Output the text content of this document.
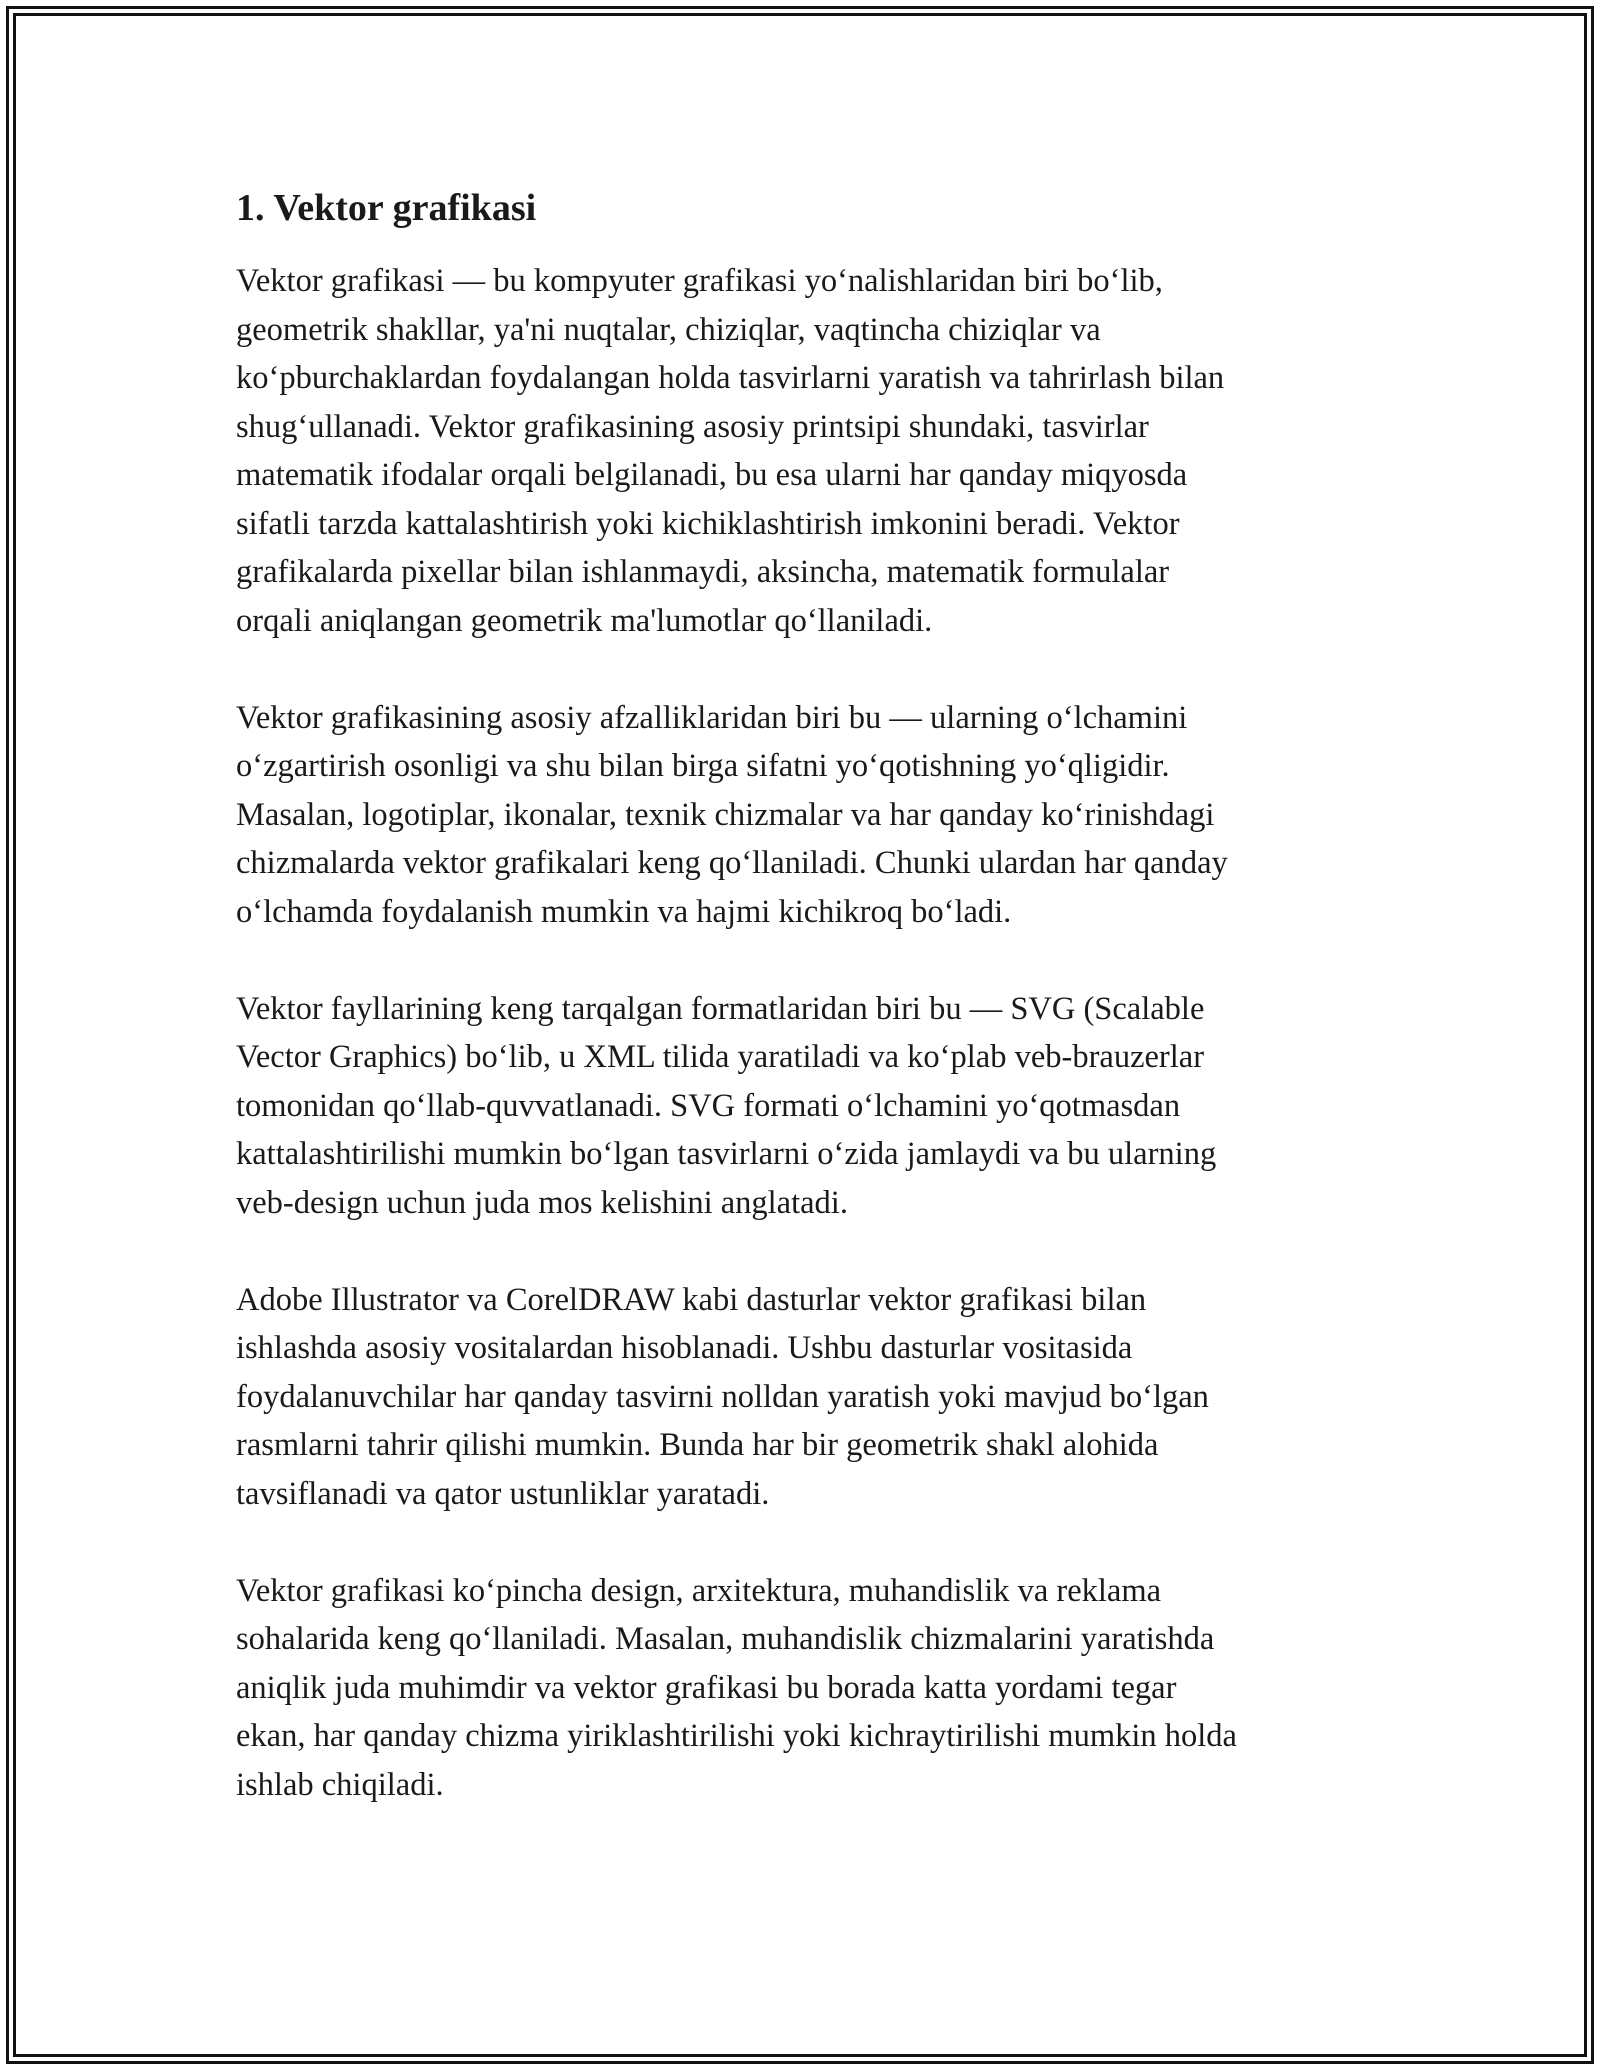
1. Vektor grafikasi

Vektor grafikasi — bu kompyuter grafikasi yo‘nalishlaridan biri bo‘lib,
geometrik shakllar, ya'ni nuqtalar, chiziqlar, vaqtincha chiziqlar va
ko‘pburchaklardan foydalangan holda tasvirlarni yaratish va tahrirlash bilan
shug‘ullanadi. Vektor grafikasining asosiy printsipi shundaki, tasvirlar
matematik ifodalar orqali belgilanadi, bu esa ularni har qanday miqyosda
sifatli tarzda kattalashtirish yoki kichiklashtirish imkonini beradi. Vektor
grafikalarda pixellar bilan ishlanmaydi, aksincha, matematik formulalar
orqali aniqlangan geometrik ma'lumotlar qo‘llaniladi.

Vektor grafikasining asosiy afzalliklaridan biri bu — ularning o‘lchamini
o‘zgartirish osonligi va shu bilan birga sifatni yo‘qotishning yo‘qligidir.
Masalan, logotiplar, ikonalar, texnik chizmalar va har qanday ko‘rinishdagi
chizmalarda vektor grafikalari keng qo‘llaniladi. Chunki ulardan har qanday
o‘lchamda foydalanish mumkin va hajmi kichikroq bo‘ladi.

Vektor fayllarining keng tarqalgan formatlaridan biri bu — SVG (Scalable
Vector Graphics) bo‘lib, u XML tilida yaratiladi va ko‘plab veb-brauzerlar
tomonidan qo‘llab-quvvatlanadi. SVG formati o‘lchamini yo‘qotmasdan
kattalashtirilishi mumkin bo‘lgan tasvirlarni o‘zida jamlaydi va bu ularning
veb-design uchun juda mos kelishini anglatadi.

Adobe Illustrator va CorelDRAW kabi dasturlar vektor grafikasi bilan
ishlashda asosiy vositalardan hisoblanadi. Ushbu dasturlar vositasida
foydalanuvchilar har qanday tasvirni nolldan yaratish yoki mavjud bo‘lgan
rasmlarni tahrir qilishi mumkin. Bunda har bir geometrik shakl alohida
tavsiflanadi va qator ustunliklar yaratadi.

Vektor grafikasi ko‘pincha design, arxitektura, muhandislik va reklama
sohalarida keng qo‘llaniladi. Masalan, muhandislik chizmalarini yaratishda
aniqlik juda muhimdir va vektor grafikasi bu borada katta yordami tegar
ekan, har qanday chizma yiriklashtirilishi yoki kichraytirilishi mumkin holda
ishlab chiqiladi.
